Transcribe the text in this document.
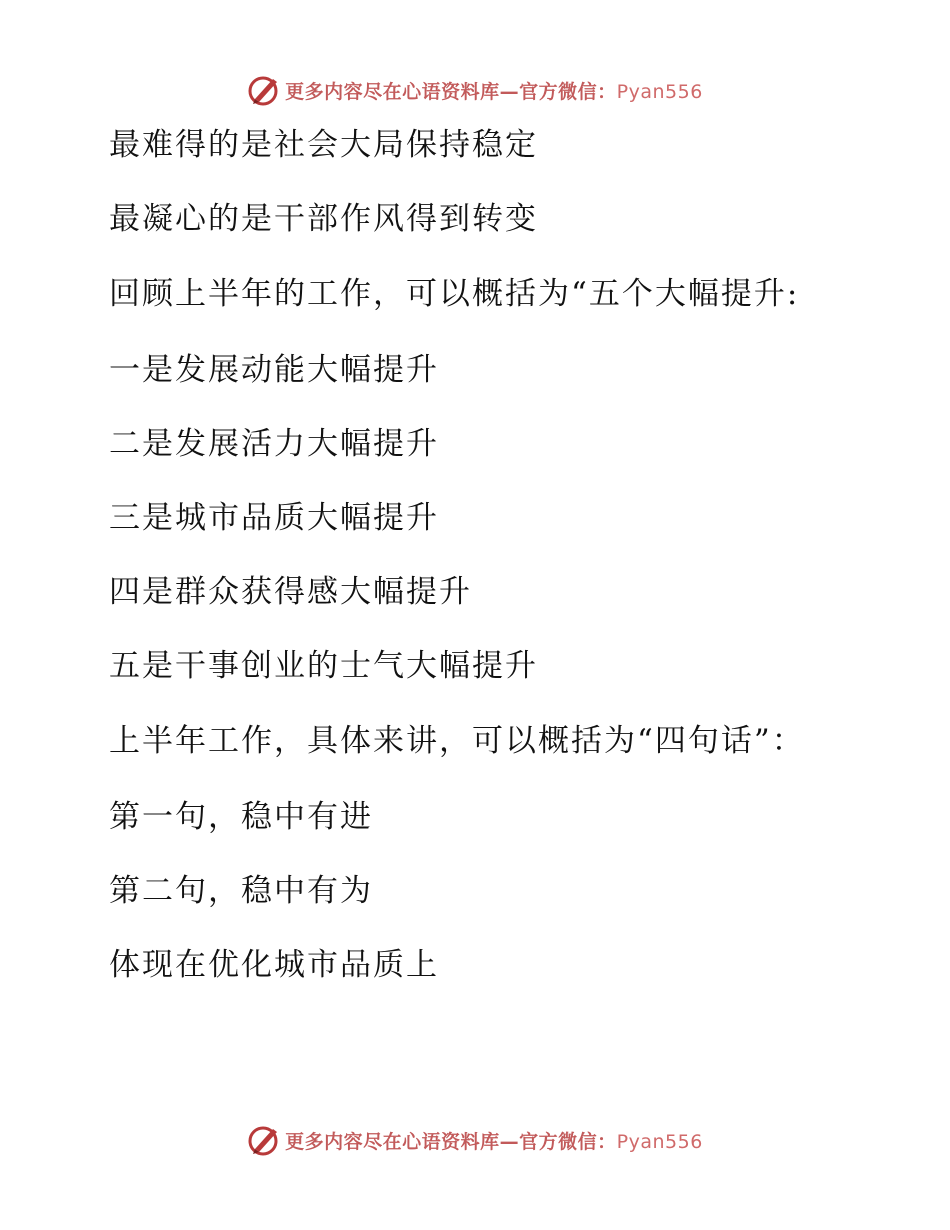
更多内容尽在心语资料库—官方微信：Pyan556

最难得的是社会大局保持稳定

最凝心的是干部作风得到转变

回顾上半年的工作，可以概括为“五个大幅提升:

一是发展动能大幅提升

二是发展活力大幅提升

三是城市品质大幅提升

四是群众获得感大幅提升

五是干事创业的士气大幅提升

上半年工作，具体来讲，可以概括为“四句话”：

第一句，稳中有进

第二句，稳中有为

体现在优化城市品质上

更多内容尽在心语资料库—官方微信：Pyan556
